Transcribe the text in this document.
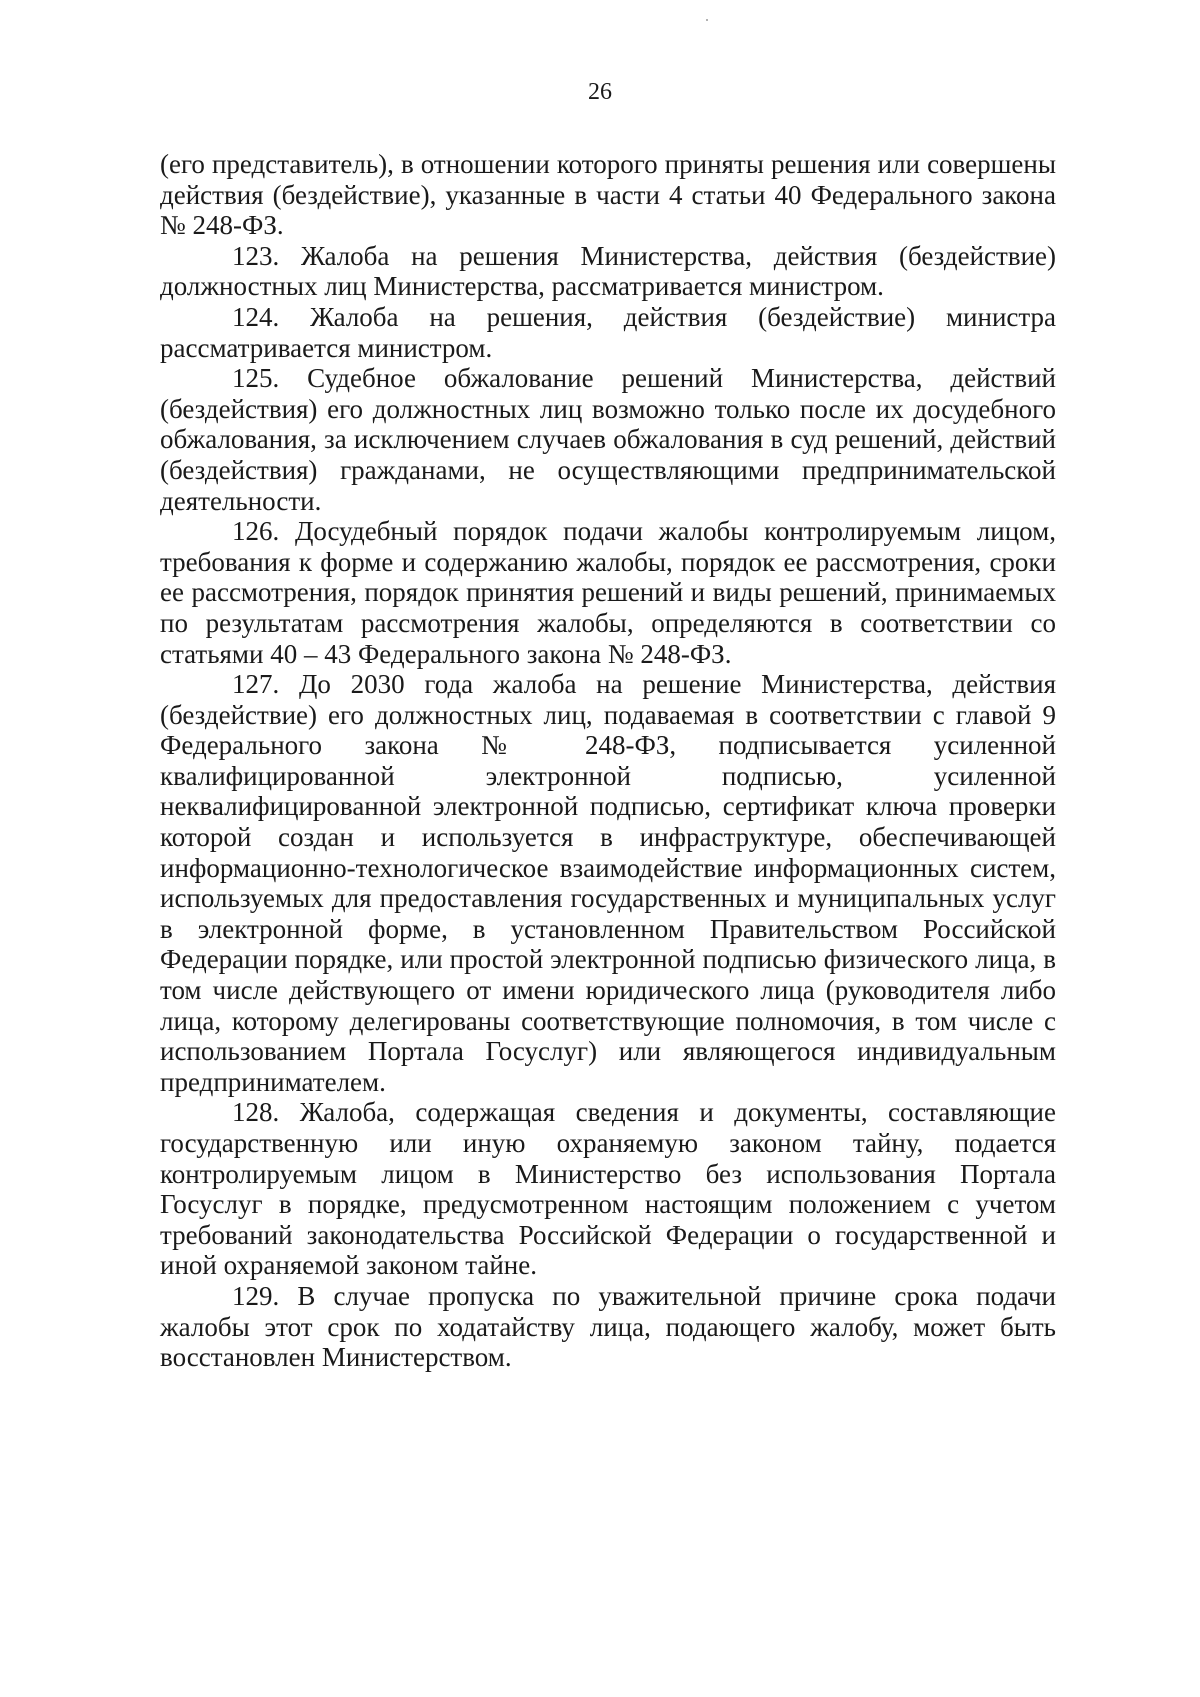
26

(его представитель), в отношении которого приняты решения или совершены действия (бездействие), указанные в части 4 статьи 40 Федерального закона № 248-ФЗ.

123. Жалоба на решения Министерства, действия (бездействие) должностных лиц Министерства, рассматривается министром.

124. Жалоба на решения, действия (бездействие) министра рассматривается министром.

125. Судебное обжалование решений Министерства, действий (бездействия) его должностных лиц возможно только после их досудебного обжалования, за исключением случаев обжалования в суд решений, действий (бездействия) гражданами, не осуществляющими предпринимательской деятельности.

126. Досудебный порядок подачи жалобы контролируемым лицом, требования к форме и содержанию жалобы, порядок ее рассмотрения, сроки ее рассмотрения, порядок принятия решений и виды решений, принимаемых по результатам рассмотрения жалобы, определяются в соответствии со статьями 40 – 43 Федерального закона № 248-ФЗ.

127. До 2030 года жалоба на решение Министерства, действия (бездействие) его должностных лиц, подаваемая в соответствии с главой 9 Федерального закона № 248-ФЗ, подписывается усиленной квалифицированной электронной подписью, усиленной неквалифицированной электронной подписью, сертификат ключа проверки которой создан и используется в инфраструктуре, обеспечивающей информационно-технологическое взаимодействие информационных систем, используемых для предоставления государственных и муниципальных услуг в электронной форме, в установленном Правительством Российской Федерации порядке, или простой электронной подписью физического лица, в том числе действующего от имени юридического лица (руководителя либо лица, которому делегированы соответствующие полномочия, в том числе с использованием Портала Госуслуг) или являющегося индивидуальным предпринимателем.

128. Жалоба, содержащая сведения и документы, составляющие государственную или иную охраняемую законом тайну, подается контролируемым лицом в Министерство без использования Портала Госуслуг в порядке, предусмотренном настоящим положением с учетом требований законодательства Российской Федерации о государственной и иной охраняемой законом тайне.

129. В случае пропуска по уважительной причине срока подачи жалобы этот срок по ходатайству лица, подающего жалобу, может быть восстановлен Министерством.
